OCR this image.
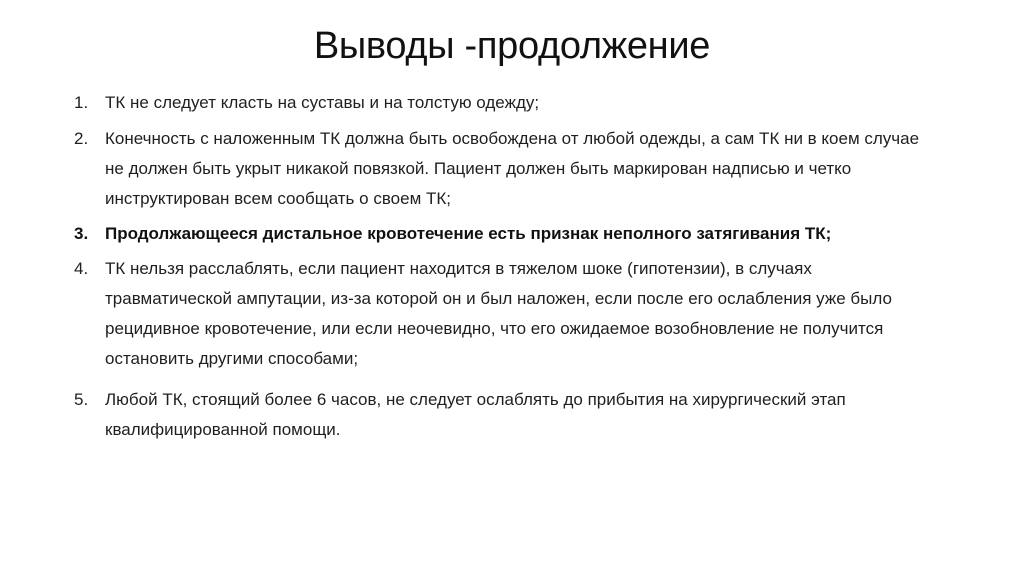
Выводы -продолжение
1. ТК не следует класть на суставы и на толстую одежду;
2. Конечность с наложенным ТК должна быть освобождена от любой одежды, а сам ТК ни в коем случае не должен быть укрыт никакой повязкой. Пациент должен быть маркирован надписью и четко инструктирован всем сообщать о своем ТК;
3. Продолжающееся дистальное кровотечение есть признак неполного затягивания ТК;
4. ТК нельзя расслаблять, если пациент находится в тяжелом шоке (гипотензии), в случаях травматической ампутации, из-за которой он и был наложен, если после его ослабления уже было рецидивное кровотечение, или если неочевидно, что его ожидаемое возобновление не получится остановить другими способами;
5. Любой ТК, стоящий более 6 часов, не следует ослаблять до прибытия на хирургический этап квалифицированной помощи.
